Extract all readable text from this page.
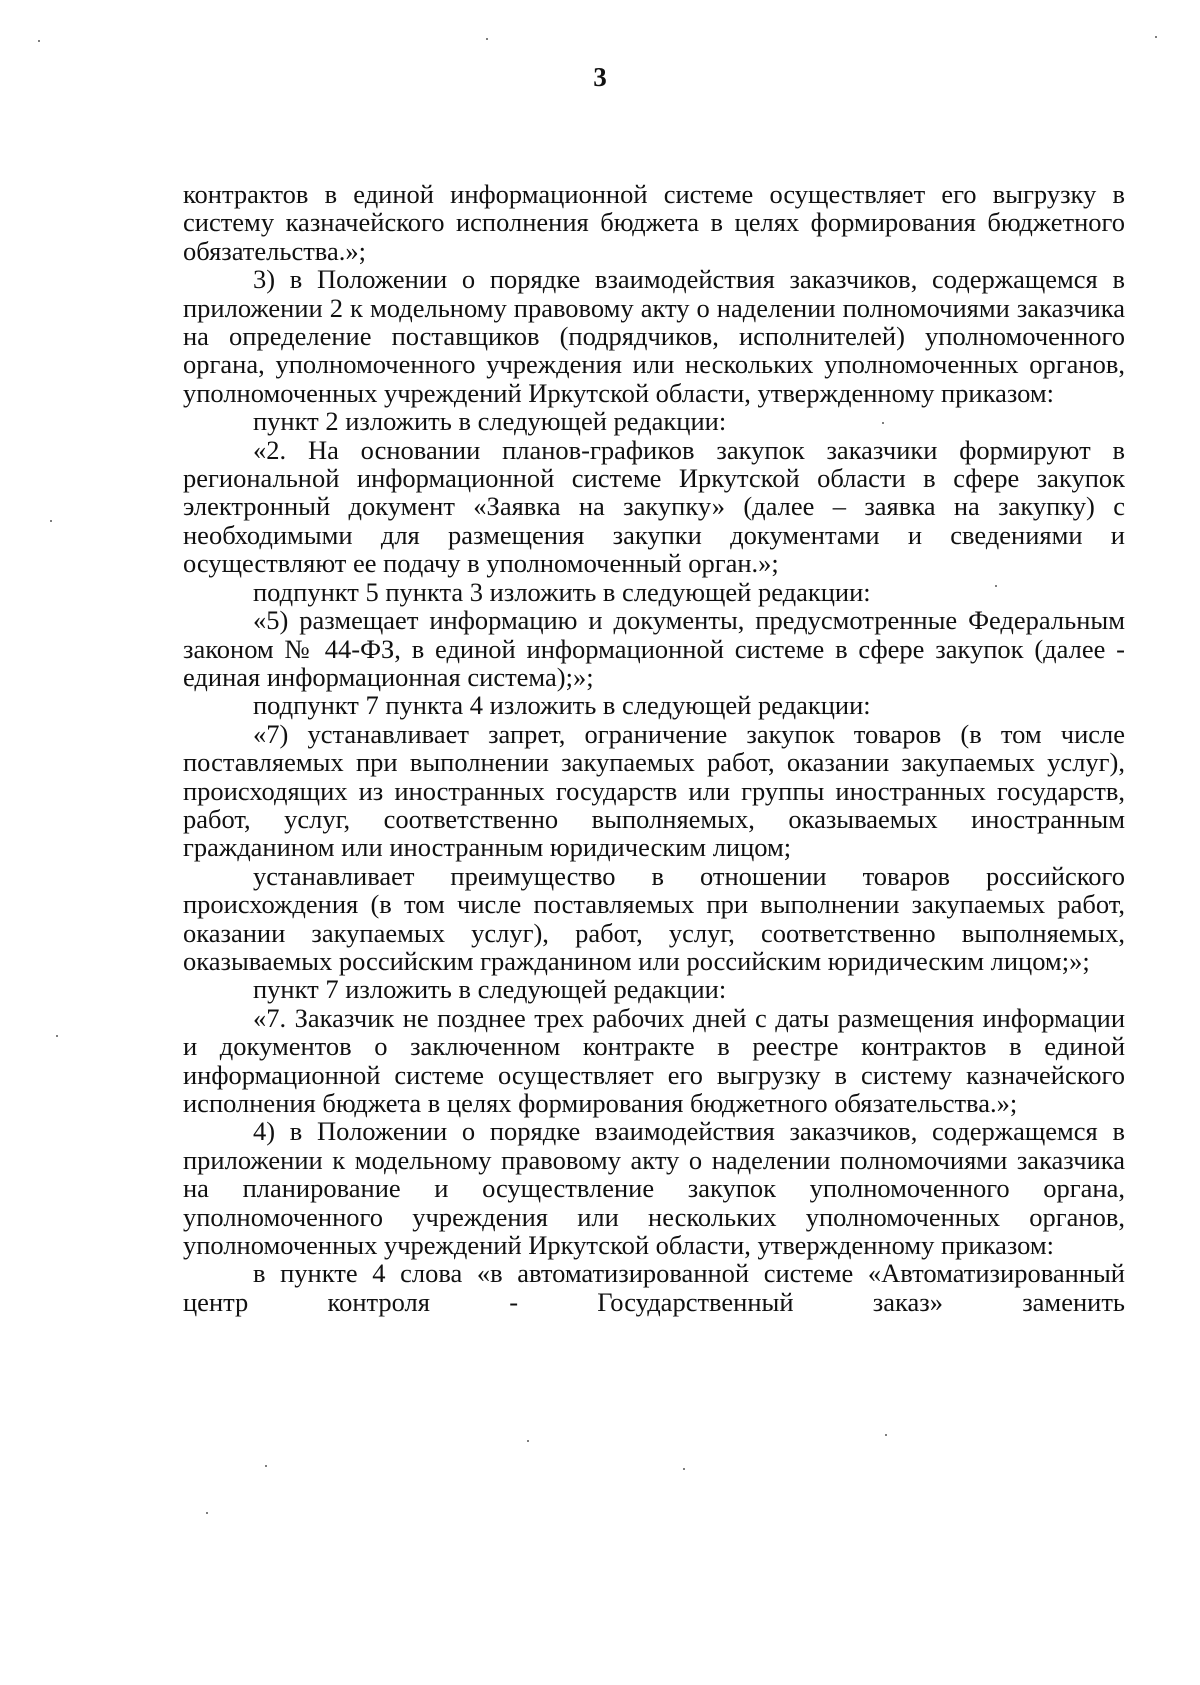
3

контрактов в единой информационной системе осуществляет его выгрузку в систему казначейского исполнения бюджета в целях формирования бюджетного обязательства.»;

3) в Положении о порядке взаимодействия заказчиков, содержащемся в приложении 2 к модельному правовому акту о наделении полномочиями заказчика на определение поставщиков (подрядчиков, исполнителей) уполномоченного органа, уполномоченного учреждения или нескольких уполномоченных органов, уполномоченных учреждений Иркутской области, утвержденному приказом:

пункт 2 изложить в следующей редакции:

«2. На основании планов-графиков закупок заказчики формируют в региональной информационной системе Иркутской области в сфере закупок электронный документ «Заявка на закупку» (далее – заявка на закупку) с необходимыми для размещения закупки документами и сведениями и осуществляют ее подачу в уполномоченный орган.»;

подпункт 5 пункта 3 изложить в следующей редакции:

«5) размещает информацию и документы, предусмотренные Федеральным законом № 44-ФЗ, в единой информационной системе в сфере закупок (далее - единая информационная система);»;

подпункт 7 пункта 4 изложить в следующей редакции:

«7) устанавливает запрет, ограничение закупок товаров (в том числе поставляемых при выполнении закупаемых работ, оказании закупаемых услуг), происходящих из иностранных государств или группы иностранных государств, работ, услуг, соответственно выполняемых, оказываемых иностранным гражданином или иностранным юридическим лицом;

устанавливает преимущество в отношении товаров российского происхождения (в том числе поставляемых при выполнении закупаемых работ, оказании закупаемых услуг), работ, услуг, соответственно выполняемых, оказываемых российским гражданином или российским юридическим лицом;»;

пункт 7 изложить в следующей редакции:

«7. Заказчик не позднее трех рабочих дней с даты размещения информации и документов о заключенном контракте в реестре контрактов в единой информационной системе осуществляет его выгрузку в систему казначейского исполнения бюджета в целях формирования бюджетного обязательства.»;

4) в Положении о порядке взаимодействия заказчиков, содержащемся в приложении к модельному правовому акту о наделении полномочиями заказчика на планирование и осуществление закупок уполномоченного органа, уполномоченного учреждения или нескольких уполномоченных органов, уполномоченных учреждений Иркутской области, утвержденному приказом:

в пункте 4 слова «в автоматизированной системе «Автоматизированный центр контроля - Государственный заказ» заменить
